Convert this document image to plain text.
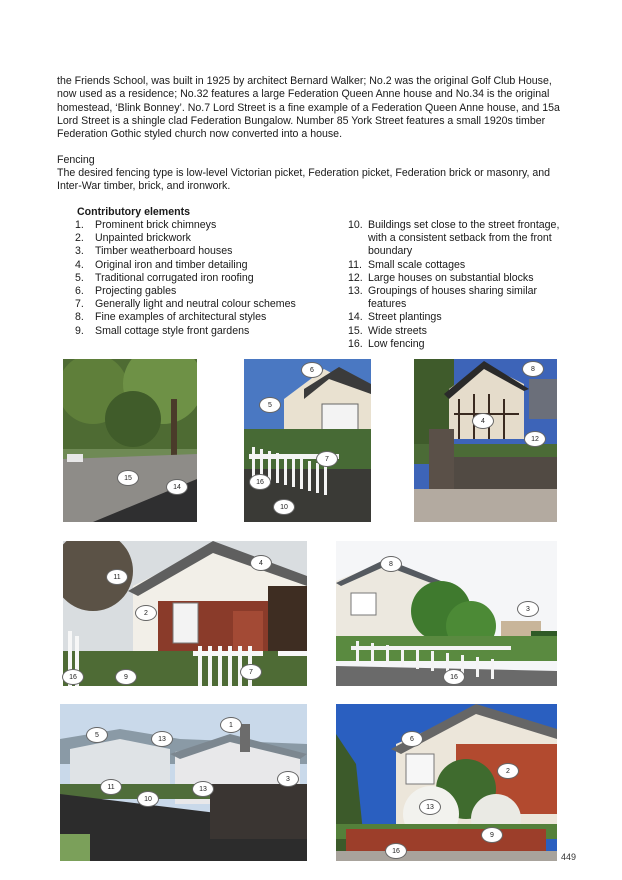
the Friends School, was built in 1925 by architect Bernard Walker; No.2 was the original Golf Club House, now used as a residence; No.32 features a large Federation Queen Anne house and No.34 is the original homestead, ‘Blink Bonney’. No.7 Lord Street is a fine example of a Federation Queen Anne house, and 15a Lord Street is a shingle clad Federation Bungalow. Number 85 York Street features a small 1920s timber Federation Gothic styled church now converted into a house.

Fencing

The desired fencing type is low-level Victorian picket, Federation picket, Federation brick or masonry, and Inter-War timber, brick, and ironwork.

Contributory elements
1. Prominent brick chimneys
2. Unpainted brickwork
3. Timber weatherboard houses
4. Original iron and timber detailing
5. Traditional corrugated iron roofing
6. Projecting gables
7. Generally light and neutral colour schemes
8. Fine examples of architectural styles
9. Small cottage style front gardens
10. Buildings set close to the street frontage, with a consistent setback from the front boundary
11. Small scale cottages
12. Large houses on substantial blocks
13. Groupings of houses sharing similar features
14. Street plantings
15. Wide streets
16. Low fencing
15
14
6
5
7
16
10
8
4
12
4
11
2
7
16	9
8
3
16
1
5
13
11
10
13
3
6
2
13
9
16
449
